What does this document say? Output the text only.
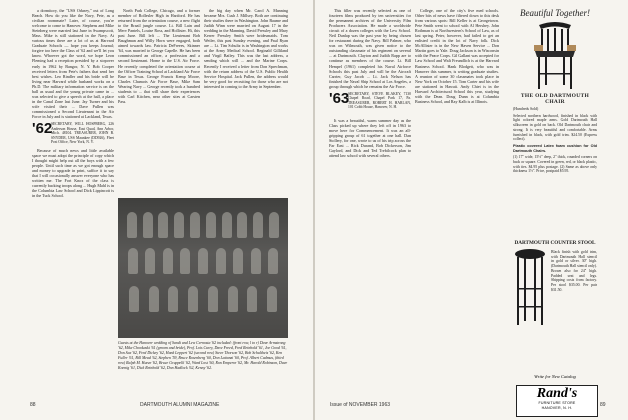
a dormitory, the "USS Orkney," out of Long Beach. How do you like the Navy, Pete, as a civilian roommate? Later, of course, you're welcome to come to Hanover. Stephens and Mike Steinberg were married last June in Swampscott, Mass. Mike is still stationed in the Navy. At various times there are a lot of us at Harvard Graduate Schools — hope you keeps Journal; forgive too here the Class of '62 and we'll let you know. Whoever got the word, we hope Leon Fleming had a reception presided by a stopover early in 1962 by Bangor, N. Y. Bob Cooper received letters from Pete's fathers that send her best wishes. Leo Rindler and his bride will be living near Harvard while husband works on a Ph.D. The military information service is on the ball as usual and the young private came in ... was selected to give a speech at the hall, a place in the Canal Zone last June. Jay Turner and his wife visited their ... Dave Pullen was commissioned a Second Lieutenant in the Air Force in July and is stationed at Lackland, Texas.

'62
SECRETARY, WILL HOSPBERG, 226 Anderson House, East Quad, Ann Arbor, Mich. 48104. TREASURER, JOHN B. SNYDER, USS Maunkee (DD926), Fleet Post Office, New York, N. Y.

Because of much news and little available space we must adopt the principle of copy which I thought might help out all the boys with a few people. Until such time as we got enough space and money to upgrade in print, suffice it to say that I will occasionally answer everyone who has written me. The Fort Knox of the class is currently backing troops along ... Hugh Mahl is in the Columbia Law School and Dick Lippincott is in the Tuck School.

North Park College, Chicago, and a former member of Rollesler High in Hartford. He has returned from the orientation course, a new flight to the Brazil jungle course. Lt. Bill Lain and Merv Pantels, Louise Ross, and Hollister. Hi, this past June. Bill left ... The Lieutenant Bob Baughman and Willy Horn were engaged, both aimed towards law. Patricia DeFreees, Skinner '64, was married to George Capelle. He has been commissioned an officer, a profession and a second lieutenant. Home to the U.S. Air Force. He recently completed the orientation course at the Officer Training School at Lackland Air Force Base in Texas. George Francis Kemp Moore, Charles Chamois Air Force Base, Mike Sam Wearing Navy ... George recently took a hundred students to ... that will share their experiences with Carl Kitchen, near other sites at Carsten Pass.

the big day when Mr. Carol A. Manning became Mrs. Cush J. Millsey. Both are continuing their studies there in Washington. John Baume and Judith Winn were married on August 17 in the wedding in the Manning. David Pressley and Mary Kerrer Pressley Smith were bridesmaids. Tom Weiler, this past Sunday evening, and Paul Ryan are ... Lt. Tim Schultz is in Washington and works at the Army Medical School. Reginald Gilliland and Virgil Bailey. This was the last address, a sending which will ... and the Marine Corps. Recently I received a letter from Don Sprechman, with the return address of the U.S. Public Health Service Hospital. Jack Pullen, the address would be very good for recruiting for those who are not interested in coming to the Army in September.

Guests at the Hanover wedding of Sandi and Lew Cernosta '62 included: (front row, l to r) Dave Armstrong '62, Mike Chookaski '61 (groom and bride), Prof. Lois Curry, Dave Freed, Fred Reinhold '61, Joe Good '61, Don Sax '62, Fred Dickey '62, Hank Leppert '62 (second row) Steve Thorson '62, Bob Schultheis '62, Ken Fuller '61, Bill Mead '62, Stephen '59, Bruce Rosenberg '60, Don Lattanzi '60, Prof. Albert Cadmus, (third row) Ralph M. Hueze '62, Bruce Gruppelli '62, Ward Lost '60, Ron Emperor '62, Mr. Harold Robinson, Dave Koenig '61, Dick Reinhold '62, Don Hadlock '62, Kenny '62.

This filler was recently selected as one of fourteen films produced by ten universities for the permanent archives of the University Film Producers Association. He made a worldwide circuit of a dozen colleges with the Lew School. Neil Dunlap was the past year by being chosen for restaurant during the Navy. Bill Palmer, who was on Wilmouth, was given notice to the outstanding classmate of his regiment on several ... at Dartmouth. Clayton and Judith Rapp are to continue as members of the course. Lt. Bill Hempel (1961) completed his Naval Airforce Schools this past July and will be the Aircraft Carrier, Guy Jacob ... Lt. Jack Nelson has finished the Naval Ship School at Los Angeles, a group through which he remains the Air Force.

'63
SECRETARY, STEVE BLAKEY, 7130 Chapel Road, Chapel Park 17, Pa. TREASURER, ROBERT H. HARLAN, 101 Cobb House, Hanover, N. H.

It was a beautiful, warm summer day as the Class picked up where they left off in 1963 to move here for Commencement. It was an all-gripping group of 61 together at one hall. Dan Stollery, for one, wrote to us of his trip across the Far East ... Rick Durand, Bob Dickerson, Jim Gaylord, and Dick and Ted Trebilcock plan to attend law school with several others.

College, one of the city's five med schools. Other bits of news have filtered down to this desk from various spots: Bill Keller is at Georgetown. Pete Smith went to school with Al Hershey. John Rothman is at Northwestern's School of Law, as of last spring. Peter, however, had failed to get an enlisted credit in the lot of Navy folk. Dick McAllister is in the New Haven Service ... Don Martin goes to Yale. Doug Jackson is in Wisconsin with the Peace Corps. Gil Gallant was accepted for Law School and Walt Freundlich is at the Harvard Business School. Hank Blodgett, who was in Hanover this summer, is writing graduate studies. A reunion of some 30 classmates took place in New York on October 15. Tom Carter and his wife are stationed in Hawaii. Andy Chiet is in the Harvard Architectural School this year, studying with the Dean. Doug Dunn is at Columbia Business School, and Ray Kalb is at Illinois.

Beautiful Together!
THE OLD DARTMOUTH CHAIR
(Hundreds Sold)
Selected northern hardwood, finished in black with light colored maple arms. Gold Dartmouth Hall silkscreen in gold on back. Old Dartmouth chair and strong. It is very beautiful and comfortable. Arms furnished in black, with gold trim. $24.50 (Express collect).
Plastic covered Latex foam cushion for Old Dartmouth Chairs.
(1) 17" wide, 15½" deep, 2" thick, rounded corners on back or square. Covered in green, red, or black plastic, with ties. $4.95 plus postage. (2) Same as above only thickness 1½". Price, postpaid $5.95.
DARTMOUTH COUNTER STOOL
Black finish with gold trim, with Dartmouth Hall stencil in gold or silver. 30" high. (Dartmouth Hall stencil only). Brown also for 24" high. Padded seat and legs. Shipping costs from factory. Per stool $35.00. Per pair $31.50.
Write for New Catalog
Rand's
FURNITURE STORE
HANOVER, N. H.
88	DARTMOUTH ALUMNI MAGAZINE	Issue of NOVEMBER 1963	89
